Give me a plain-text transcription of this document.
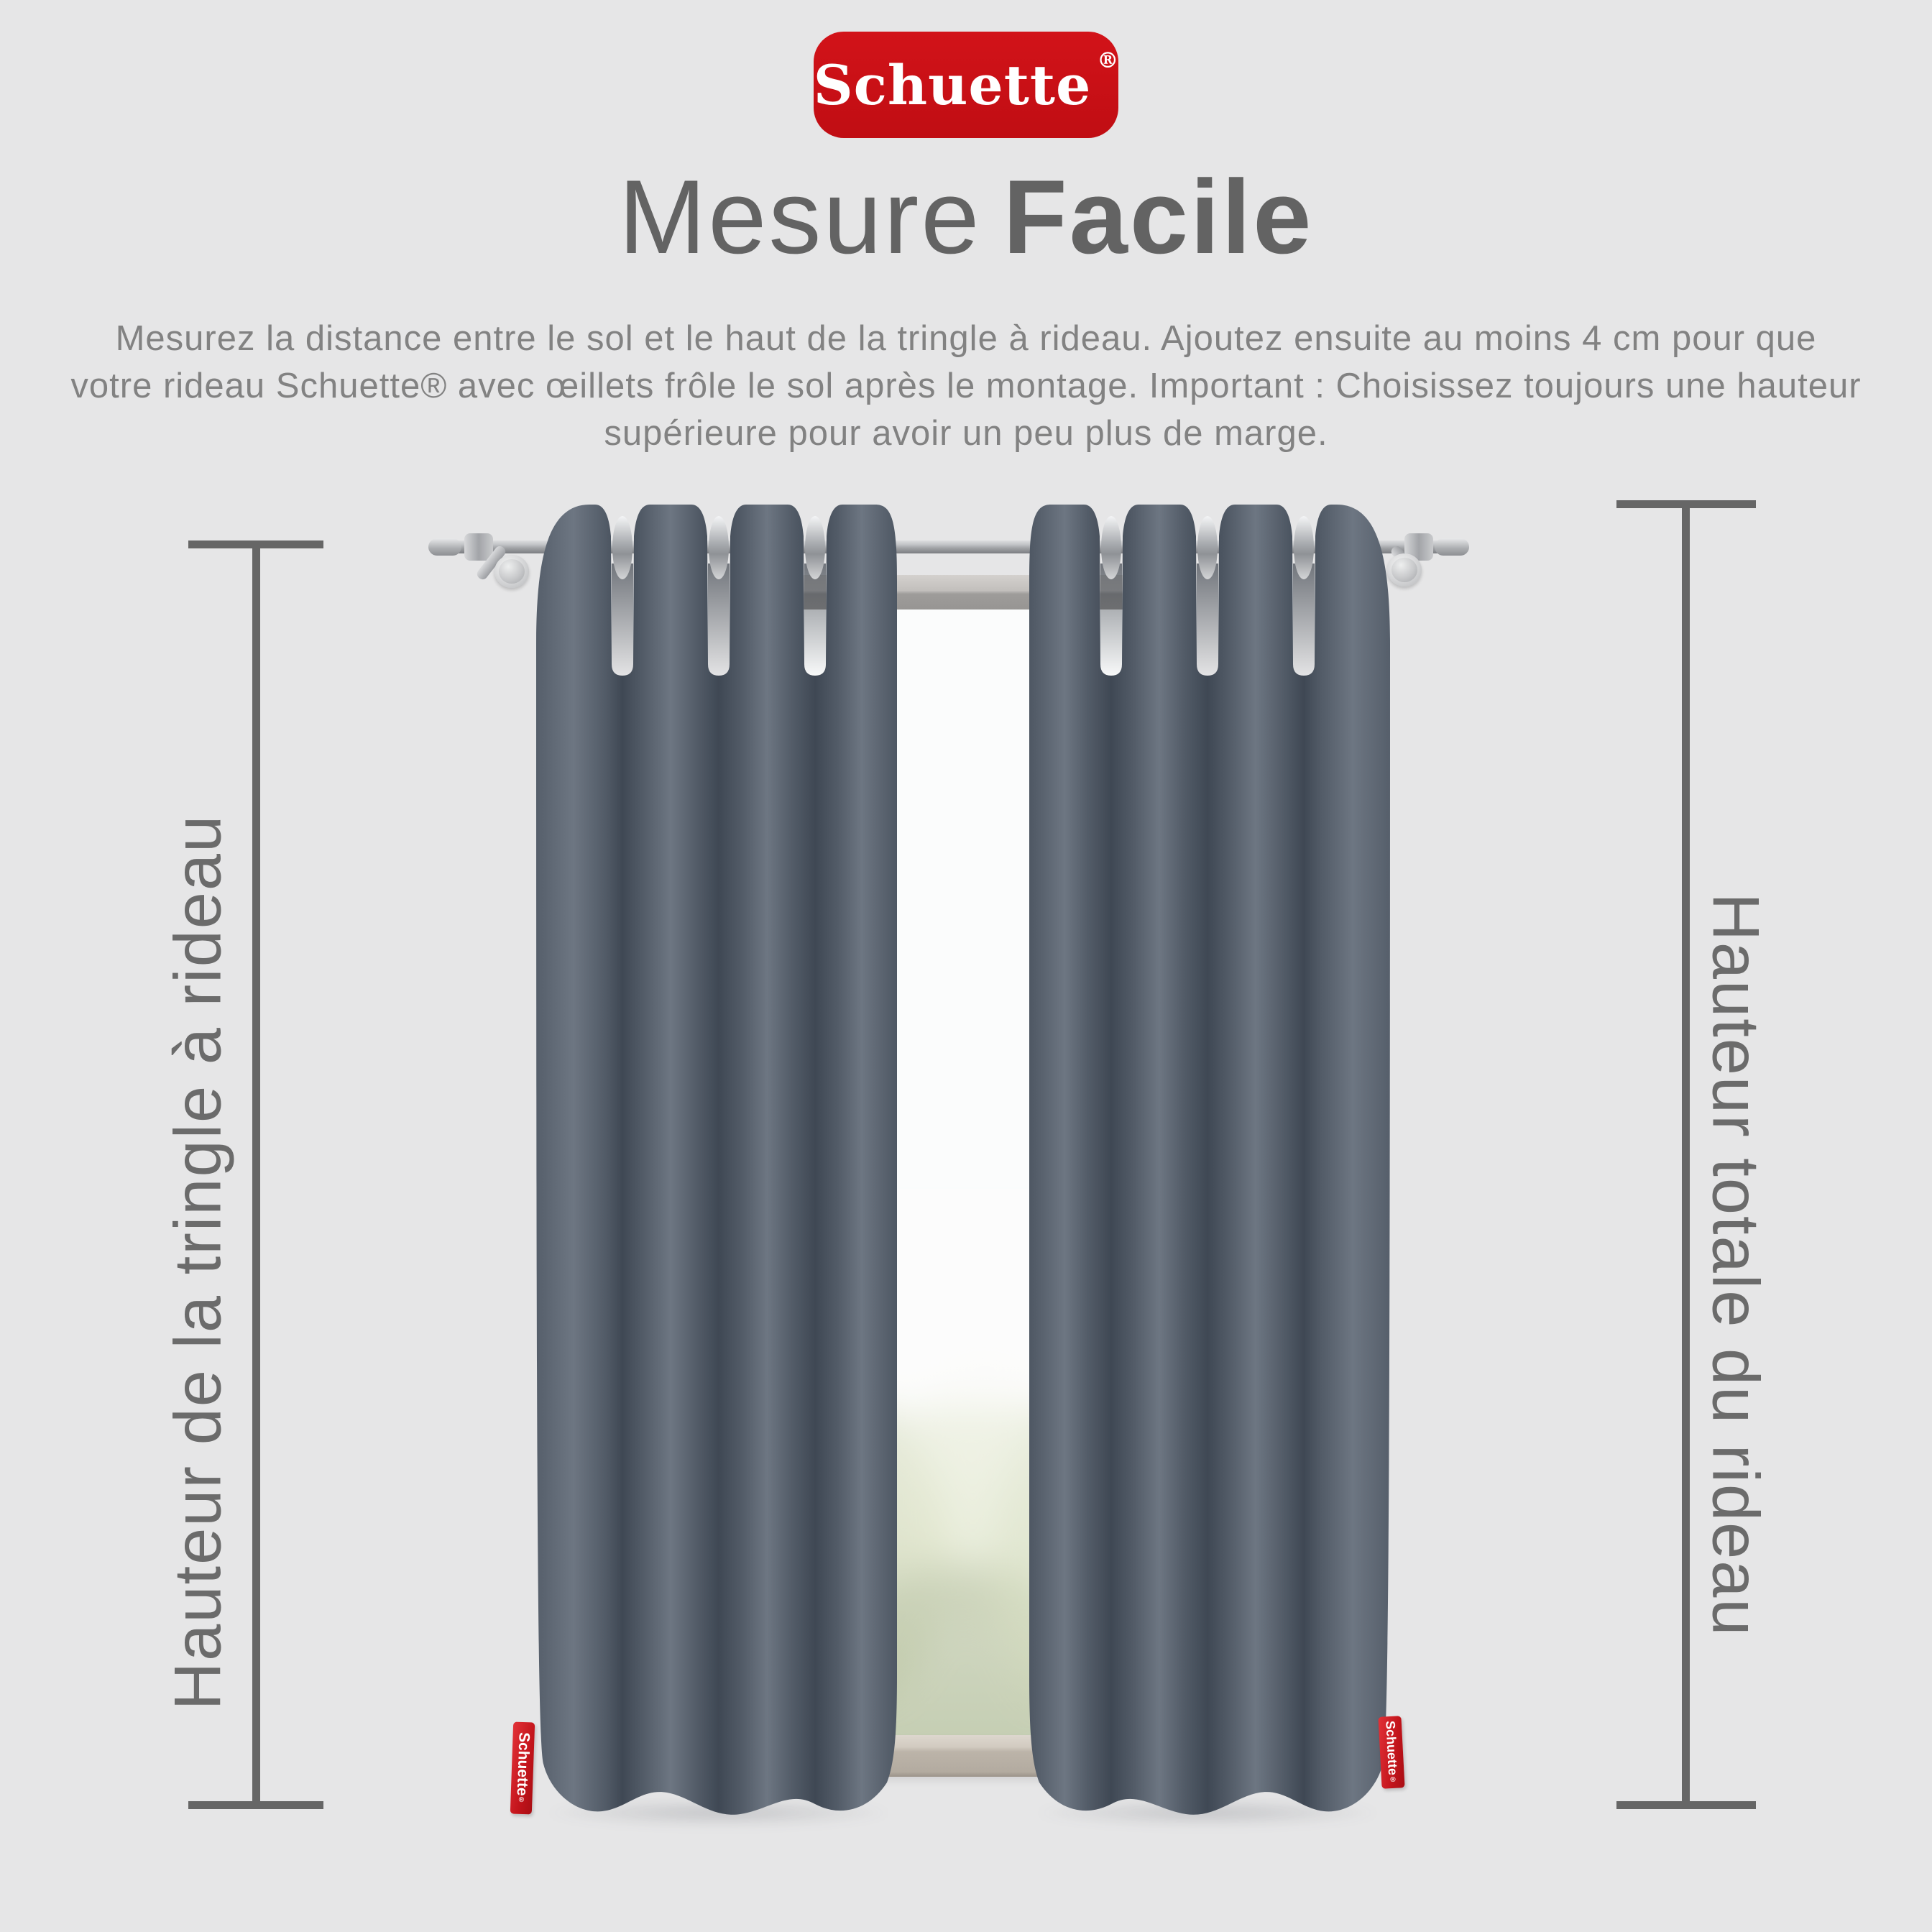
Schuette ®
Mesure Facile
Mesurez la distance entre le sol et le haut de la tringle à rideau. Ajoutez ensuite au moins 4 cm pour que
votre rideau Schuette® avec œillets frôle le sol après le montage. Important : Choisissez toujours une hauteur
supérieure pour avoir un peu plus de marge.
Hauteur de la tringle à rideau	Hauteur totale du rideau
Schuette
®
Schuette
®
